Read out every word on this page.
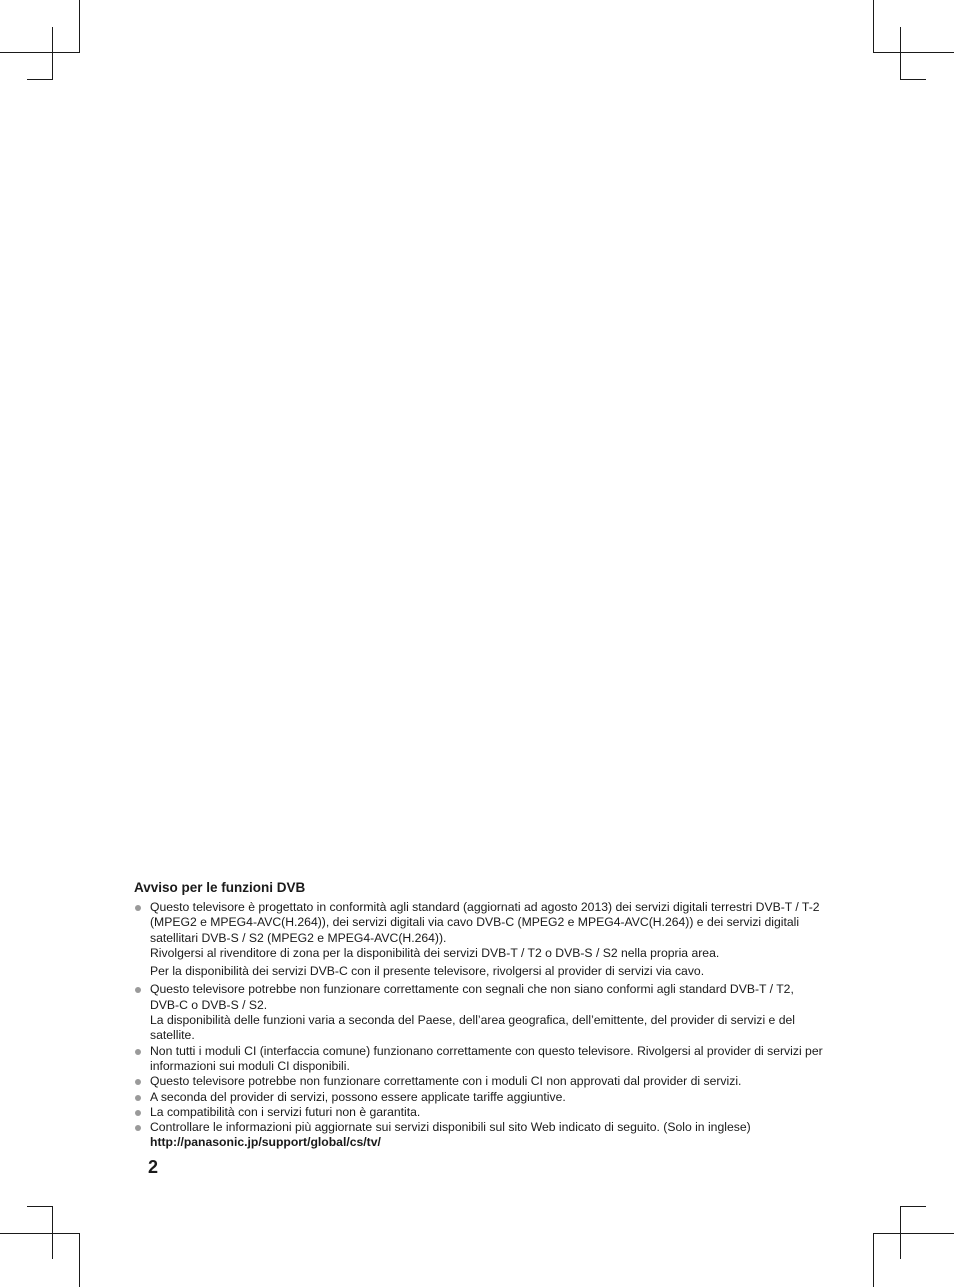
Avviso per le funzioni DVB
Questo televisore è progettato in conformità agli standard (aggiornati ad agosto 2013) dei servizi digitali terrestri DVB-T / T-2 (MPEG2 e MPEG4-AVC(H.264)), dei servizi digitali via cavo DVB-C (MPEG2 e MPEG4-AVC(H.264)) e dei servizi digitali satellitari DVB-S / S2 (MPEG2 e MPEG4-AVC(H.264)).
Rivolgersi al rivenditore di zona per la disponibilità dei servizi DVB-T / T2 o DVB-S / S2 nella propria area.
Per la disponibilità dei servizi DVB-C con il presente televisore, rivolgersi al provider di servizi via cavo.
Questo televisore potrebbe non funzionare correttamente con segnali che non siano conformi agli standard DVB-T / T2, DVB-C o DVB-S / S2.
La disponibilità delle funzioni varia a seconda del Paese, dell’area geografica, dell’emittente, del provider di servizi e del satellite.
Non tutti i moduli CI (interfaccia comune) funzionano correttamente con questo televisore. Rivolgersi al provider di servizi per informazioni sui moduli CI disponibili.
Questo televisore potrebbe non funzionare correttamente con i moduli CI non approvati dal provider di servizi.
A seconda del provider di servizi, possono essere applicate tariffe aggiuntive.
La compatibilità con i servizi futuri non è garantita.
Controllare le informazioni più aggiornate sui servizi disponibili sul sito Web indicato di seguito. (Solo in inglese)
http://panasonic.jp/support/global/cs/tv/
2
